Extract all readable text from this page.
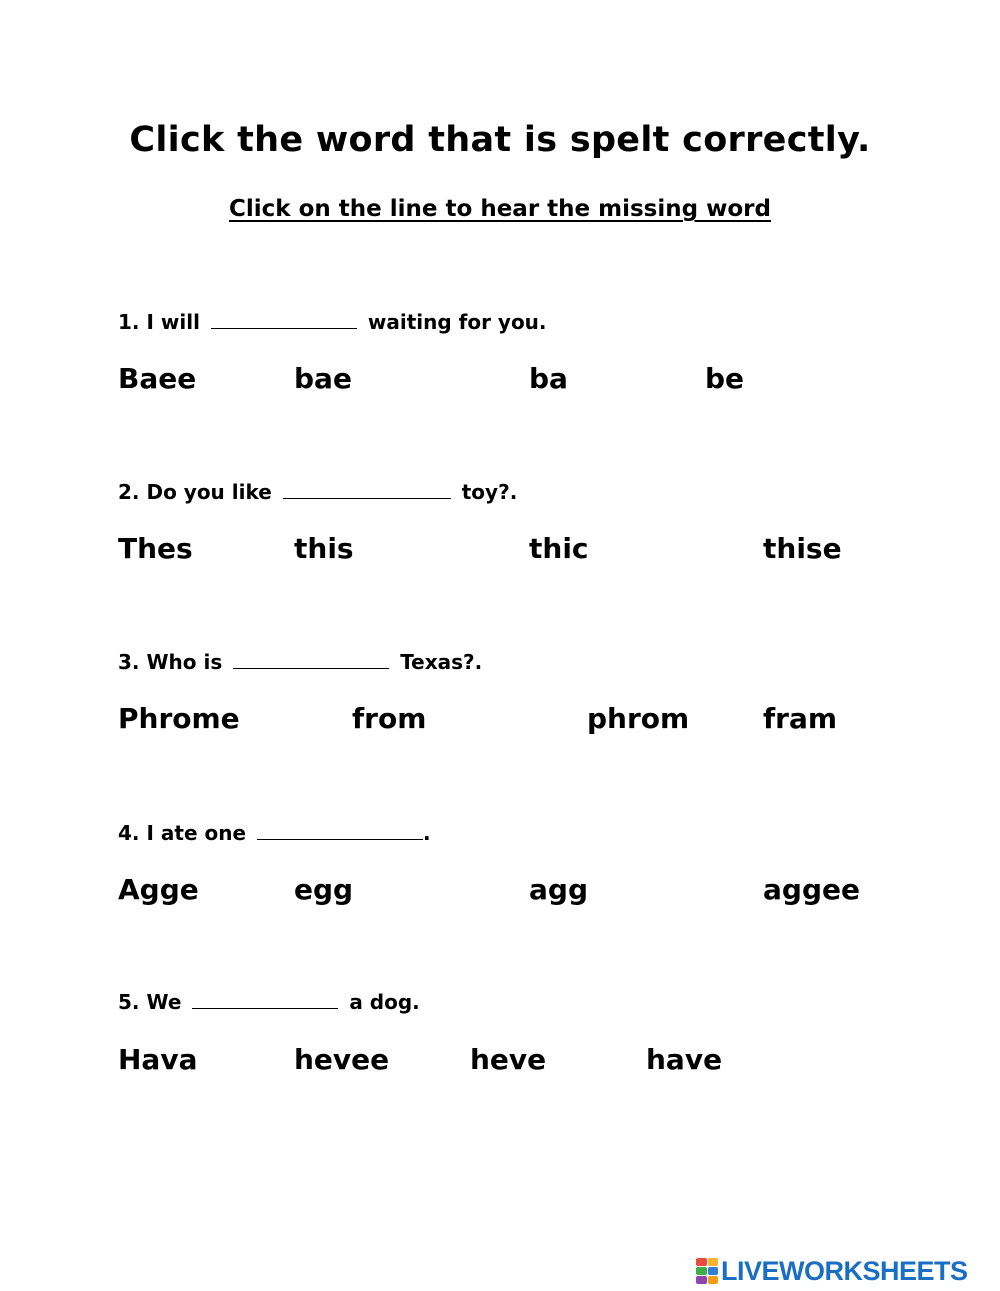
Click the word that is spelt correctly.
Click on the line to hear the missing word
1. I will	waiting for you.
Baee	bae	ba	be
2. Do you like	toy?.
Thes	this	thic	thise
3. Who is	Texas?.
Phrome	from	phrom	fram
4. I ate one	.
Agge	egg	agg	aggee
5. We	a dog.
Hava	hevee	heve	have
LIVEWORKSHEETS
